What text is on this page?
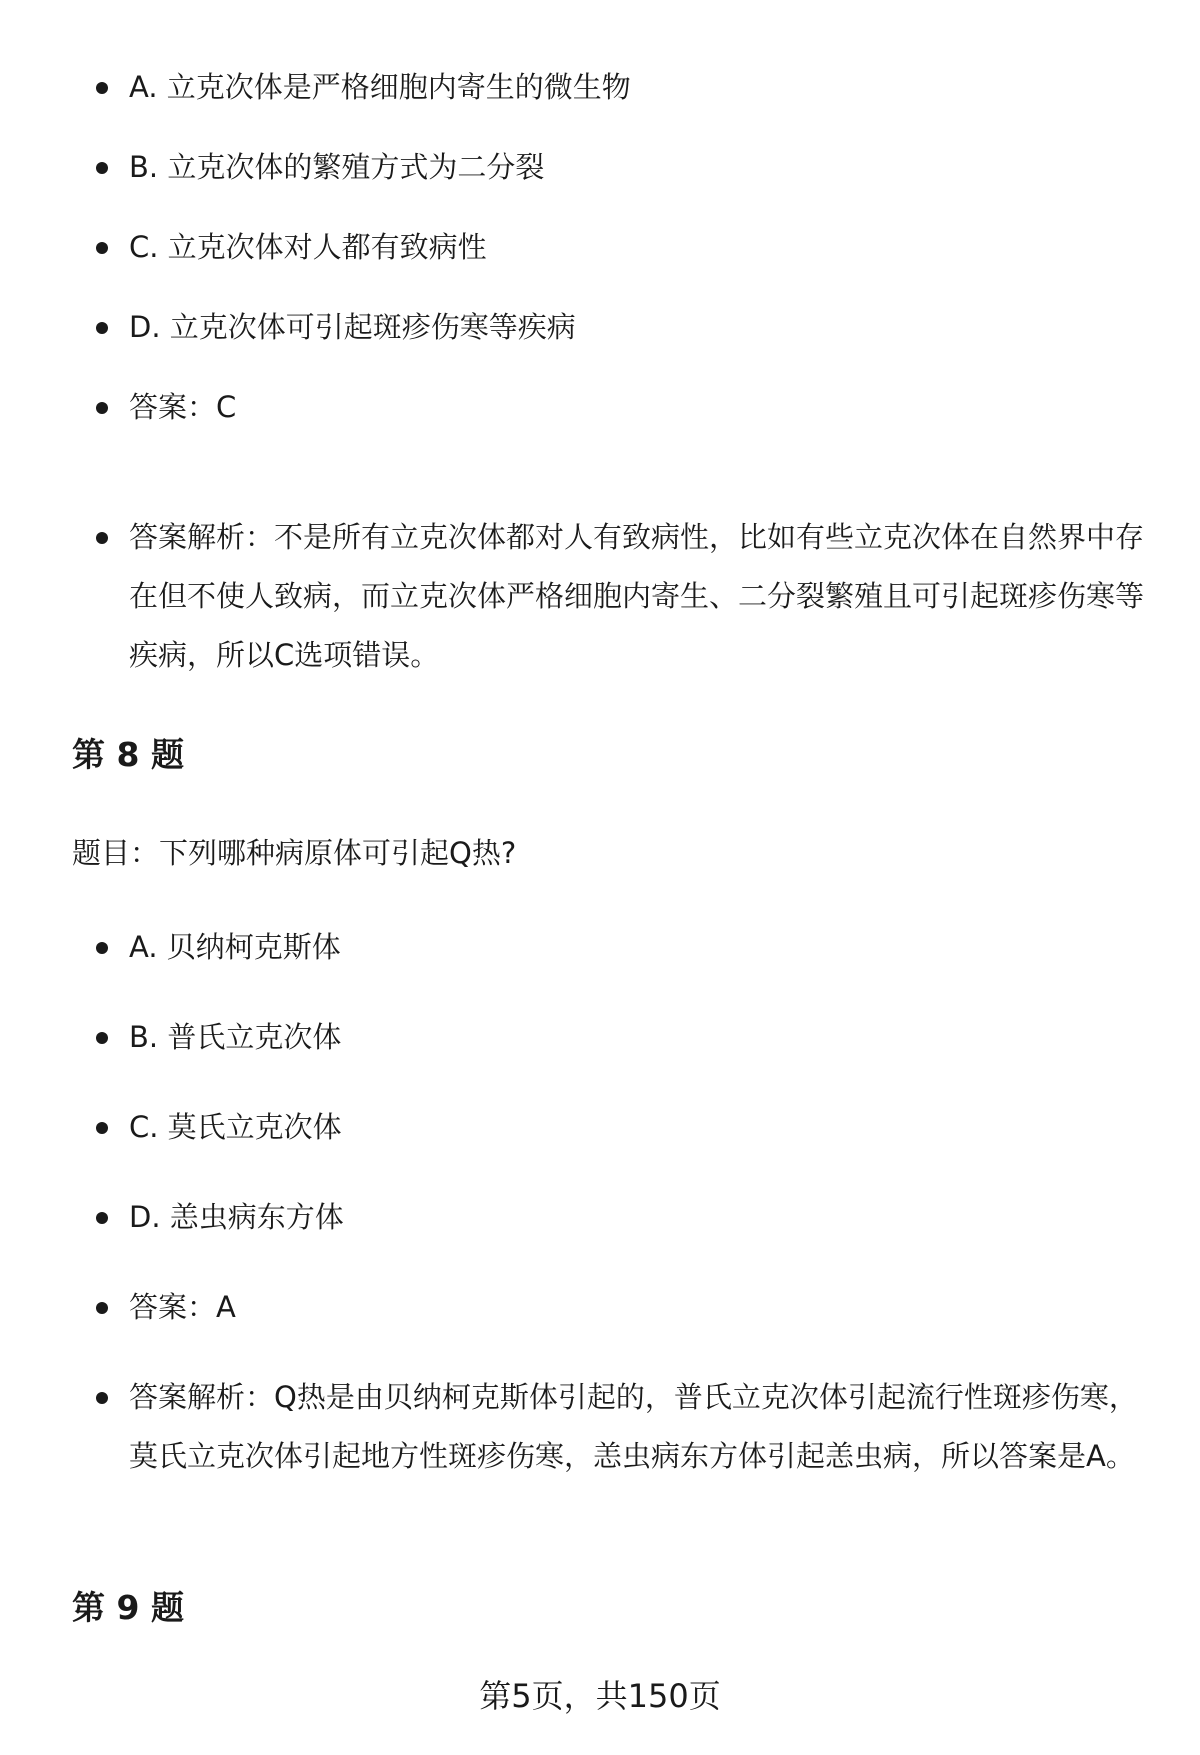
A. 立克次体是严格细胞内寄生的微生物
B. 立克次体的繁殖方式为二分裂
C. 立克次体对人都有致病性
D. 立克次体可引起斑疹伤寒等疾病
答案：C
答案解析：不是所有立克次体都对人有致病性，比如有些立克次体在自然界中存在但不使人致病，而立克次体严格细胞内寄生、二分裂繁殖且可引起斑疹伤寒等疾病，所以C选项错误。
第 8 题
题目：下列哪种病原体可引起Q热?
A. 贝纳柯克斯体
B. 普氏立克次体
C. 莫氏立克次体
D. 恙虫病东方体
答案：A
答案解析：Q热是由贝纳柯克斯体引起的，普氏立克次体引起流行性斑疹伤寒，莫氏立克次体引起地方性斑疹伤寒，恙虫病东方体引起恙虫病，所以答案是A。
第 9 题
第5页，共150页
